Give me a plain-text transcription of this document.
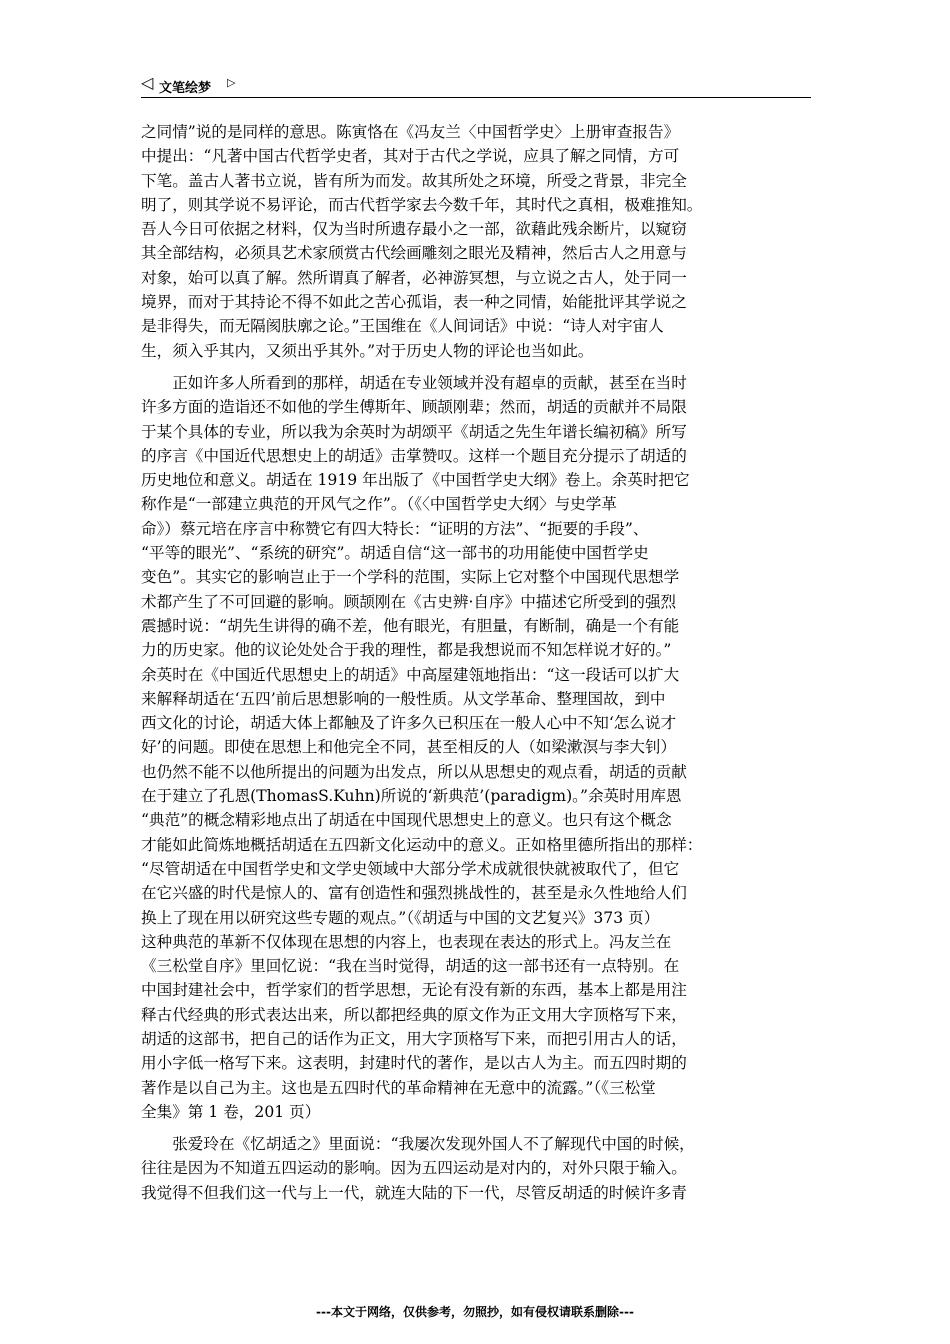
◁ 文笔绘梦 ▷
之同情”说的是同样的意思。陈寅恪在《冯友兰〈中国哲学史〉上册审查报告》
中提出：“凡著中国古代哲学史者，其对于古代之学说，应具了解之同情，方可
下笔。盖古人著书立说，皆有所为而发。故其所处之环境，所受之背景，非完全
明了，则其学说不易评论，而古代哲学家去今数千年，其时代之真相，极难推知。
吾人今日可依据之材料，仅为当时所遗存最小之一部，欲藉此残余断片，以窥窃
其全部结构，必须具艺术家颀赏古代绘画雕刻之眼光及精神，然后古人之用意与
对象，始可以真了解。然所谓真了解者，必神游冥想，与立说之古人，处于同一
境界，而对于其持论不得不如此之苦心孤诣，表一种之同情，始能批评其学说之
是非得失，而无隔阂肤廓之论。”王国维在《人间词话》中说：“诗人对宇宙人
生，须入乎其内，又须出乎其外。”对于历史人物的评论也当如此。
正如许多人所看到的那样，胡适在专业领域并没有超卓的贡献，甚至在当时
许多方面的造诣还不如他的学生傅斯年、顾颉刚辈；然而，胡适的贡献并不局限
于某个具体的专业，所以我为余英时为胡颂平《胡适之先生年谱长编初稿》所写
的序言《中国近代思想史上的胡适》击掌赞叹。这样一个题目充分提示了胡适的
历史地位和意义。胡适在 1919 年出版了《中国哲学史大纲》卷上。余英时把它
称作是“一部建立典范的开风气之作”。（《〈中国哲学史大纲〉与史学革
命》）蔡元培在序言中称赞它有四大特长：“证明的方法”、“扼要的手段”、
“平等的眼光”、“系统的研究”。胡适自信“这一部书的功用能使中国哲学史
变色”。其实它的影响岂止于一个学科的范围，实际上它对整个中国现代思想学
术都产生了不可回避的影响。顾颉刚在《古史辨·自序》中描述它所受到的强烈
震撼时说：“胡先生讲得的确不差，他有眼光，有胆量，有断制，确是一个有能
力的历史家。他的议论处处合于我的理性，都是我想说而不知怎样说才好的。”
余英时在《中国近代思想史上的胡适》中高屋建瓴地指出：“这一段话可以扩大
来解释胡适在‘五四’前后思想影响的一般性质。从文学革命、整理国故，到中
西文化的讨论，胡适大体上都触及了许多久已积压在一般人心中不知‘怎么说才
好’的问题。即使在思想上和他完全不同，甚至相反的人（如梁漱溟与李大钊）
也仍然不能不以他所提出的问题为出发点，所以从思想史的观点看，胡适的贡献
在于建立了孔恩(ThomasS.Kuhn)所说的‘新典范’(paradigm)。”余英时用库恩
“典范”的概念精彩地点出了胡适在中国现代思想史上的意义。也只有这个概念
才能如此简炼地概括胡适在五四新文化运动中的意义。正如格里德所指出的那样：
“尽管胡适在中国哲学史和文学史领域中大部分学术成就很快就被取代了，但它
在它兴盛的时代是惊人的、富有创造性和强烈挑战性的，甚至是永久性地给人们
换上了现在用以研究这些专题的观点。”（《胡适与中国的文艺复兴》373 页）
这种典范的革新不仅体现在思想的内容上，也表现在表达的形式上。冯友兰在
《三松堂自序》里回忆说：“我在当时觉得，胡适的这一部书还有一点特别。在
中国封建社会中，哲学家们的哲学思想，无论有没有新的东西，基本上都是用注
释古代经典的形式表达出来，所以都把经典的原文作为正文用大字顶格写下来，
胡适的这部书，把自己的话作为正文，用大字顶格写下来，而把引用古人的话，
用小字低一格写下来。这表明，封建时代的著作，是以古人为主。而五四时期的
著作是以自己为主。这也是五四时代的革命精神在无意中的流露。”（《三松堂
全集》第 1 卷，201 页）
张爱玲在《忆胡适之》里面说：“我屡次发现外国人不了解现代中国的时候，
往往是因为不知道五四运动的影响。因为五四运动是对内的，对外只限于输入。
我觉得不但我们这一代与上一代，就连大陆的下一代，尽管反胡适的时候许多青
---本文于网络，仅供参考，勿照抄，如有侵权请联系删除---
